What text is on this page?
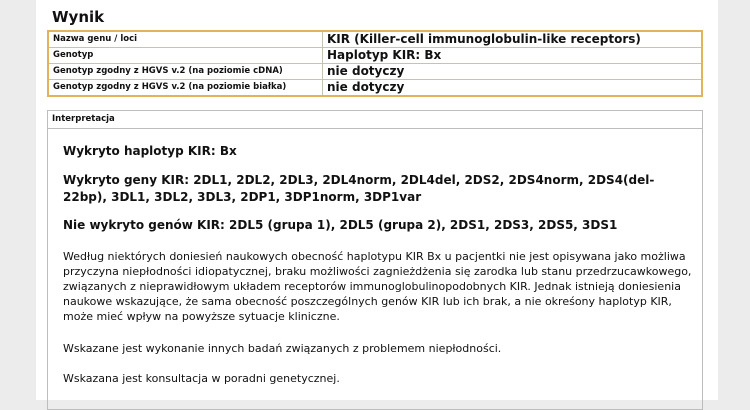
Wynik
Nazwa genu / loci	KIR (Killer-cell immunoglobulin-like receptors)
Genotyp	Haplotyp KIR: Bx
Genotyp zgodny z HGVS v.2 (na poziomie cDNA)	nie dotyczy
Genotyp zgodny z HGVS v.2 (na poziomie białka)	nie dotyczy
Interpretacja
Wykryto haplotyp KIR: Bx
Wykryto geny KIR: 2DL1, 2DL2, 2DL3, 2DL4norm, 2DL4del, 2DS2, 2DS4norm, 2DS4(del-22bp), 3DL1, 3DL2, 3DL3, 2DP1, 3DP1norm, 3DP1var
Nie wykryto genów KIR: 2DL5 (grupa 1), 2DL5 (grupa 2), 2DS1, 2DS3, 2DS5, 3DS1
Według niektórych doniesień naukowych obecność haplotypu KIR Bx u pacjentki nie jest opisywana jako możliwa przyczyna niepłodności idiopatycznej, braku możliwości zagnieżdżenia się zarodka lub stanu przedrzucawkowego, związanych z nieprawidłowym układem receptorów immunoglobulinopodobnych KIR. Jednak istnieją doniesienia naukowe wskazujące, że sama obecność poszczególnych genów KIR lub ich brak, a nie okreśony haplotyp KIR, może mieć wpływ na powyższe sytuacje kliniczne.
Wskazane jest wykonanie innych badań związanych z problemem niepłodności.
Wskazana jest konsultacja w poradni genetycznej.
